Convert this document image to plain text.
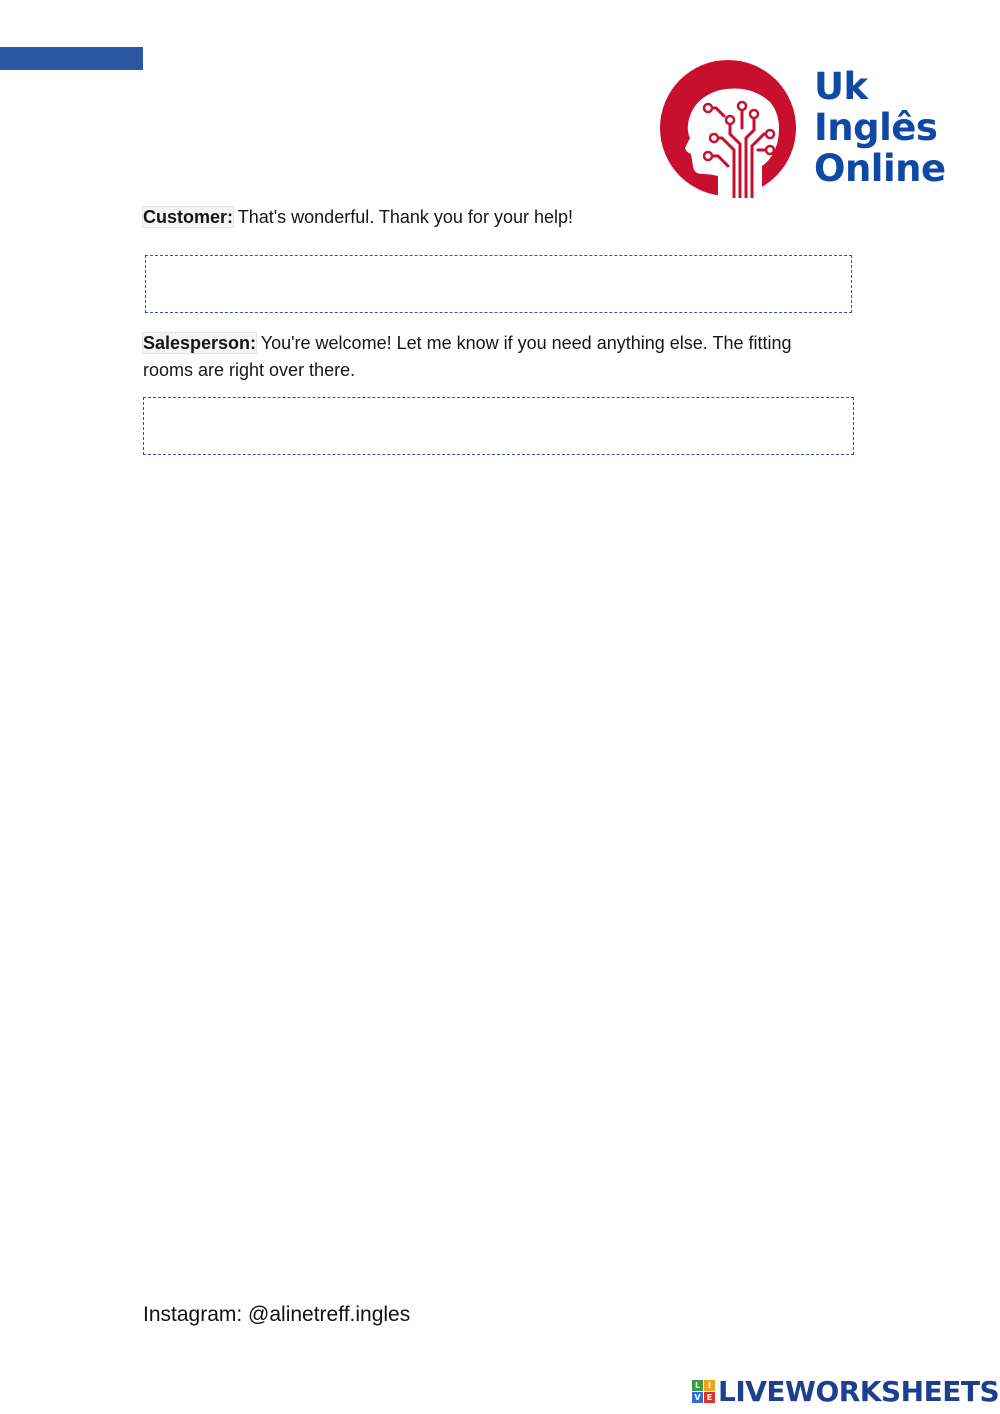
Uk
Inglês
Online
Customer: That's wonderful. Thank you for your help!
Salesperson: You're welcome! Let me know if you need anything else. The fitting rooms are right over there.
Instagram: @alinetreff.ingles
L I
V E LIVEWORKSHEETS
